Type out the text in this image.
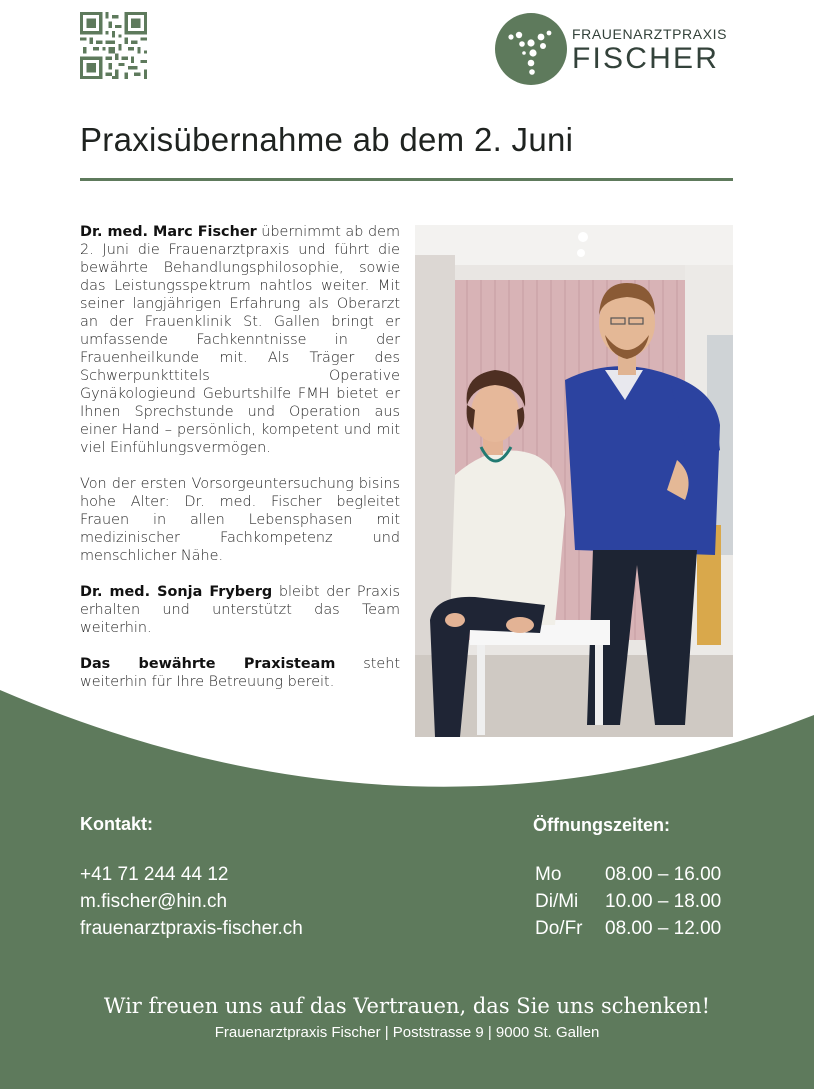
FRAUENARZTPRAXIS
FISCHER
Praxisübernahme ab dem 2. Juni

Dr. med. Marc Fischer übernimmt ab dem 2. Juni die Frauenarztpraxis und führt die bewährte Behandlungsphilosophie, sowie das Leistungsspektrum nahtlos weiter. Mit seiner langjährigen Erfahrung als Oberarzt an der Frauenklinik St. Gallen bringt er umfassende Fachkenntnisse in der Frauenheilkunde mit. Als Träger des Schwerpunkttitels Operative Gynäkologieund Geburtshilfe FMH bietet er Ihnen Sprechstunde und Operation aus einer Hand – persönlich, kompetent und mit viel Einfühlungsvermögen.

Von der ersten Vorsorgeuntersuchung bisins hohe Alter: Dr. med. Fischer begleitet Frauen in allen Lebensphasen mit medizinischer Fachkompetenz und menschlicher Nähe.

Dr. med. Sonja Fryberg bleibt der Praxis erhalten und unterstützt das Team weiterhin.

Das bewährte Praxisteam steht weiterhin für Ihre Betreuung bereit.

Kontakt:
+41 71 244 44 12
m.fischer@hin.ch
frauenarztpraxis-fischer.ch
Öffnungszeiten:
Mo	08.00 – 16.00
Di/Mi	10.00 – 18.00
Do/Fr	08.00 – 12.00
Wir freuen uns auf das Vertrauen, das Sie uns schenken!
Frauenarztpraxis Fischer | Poststrasse 9 | 9000 St. Gallen
